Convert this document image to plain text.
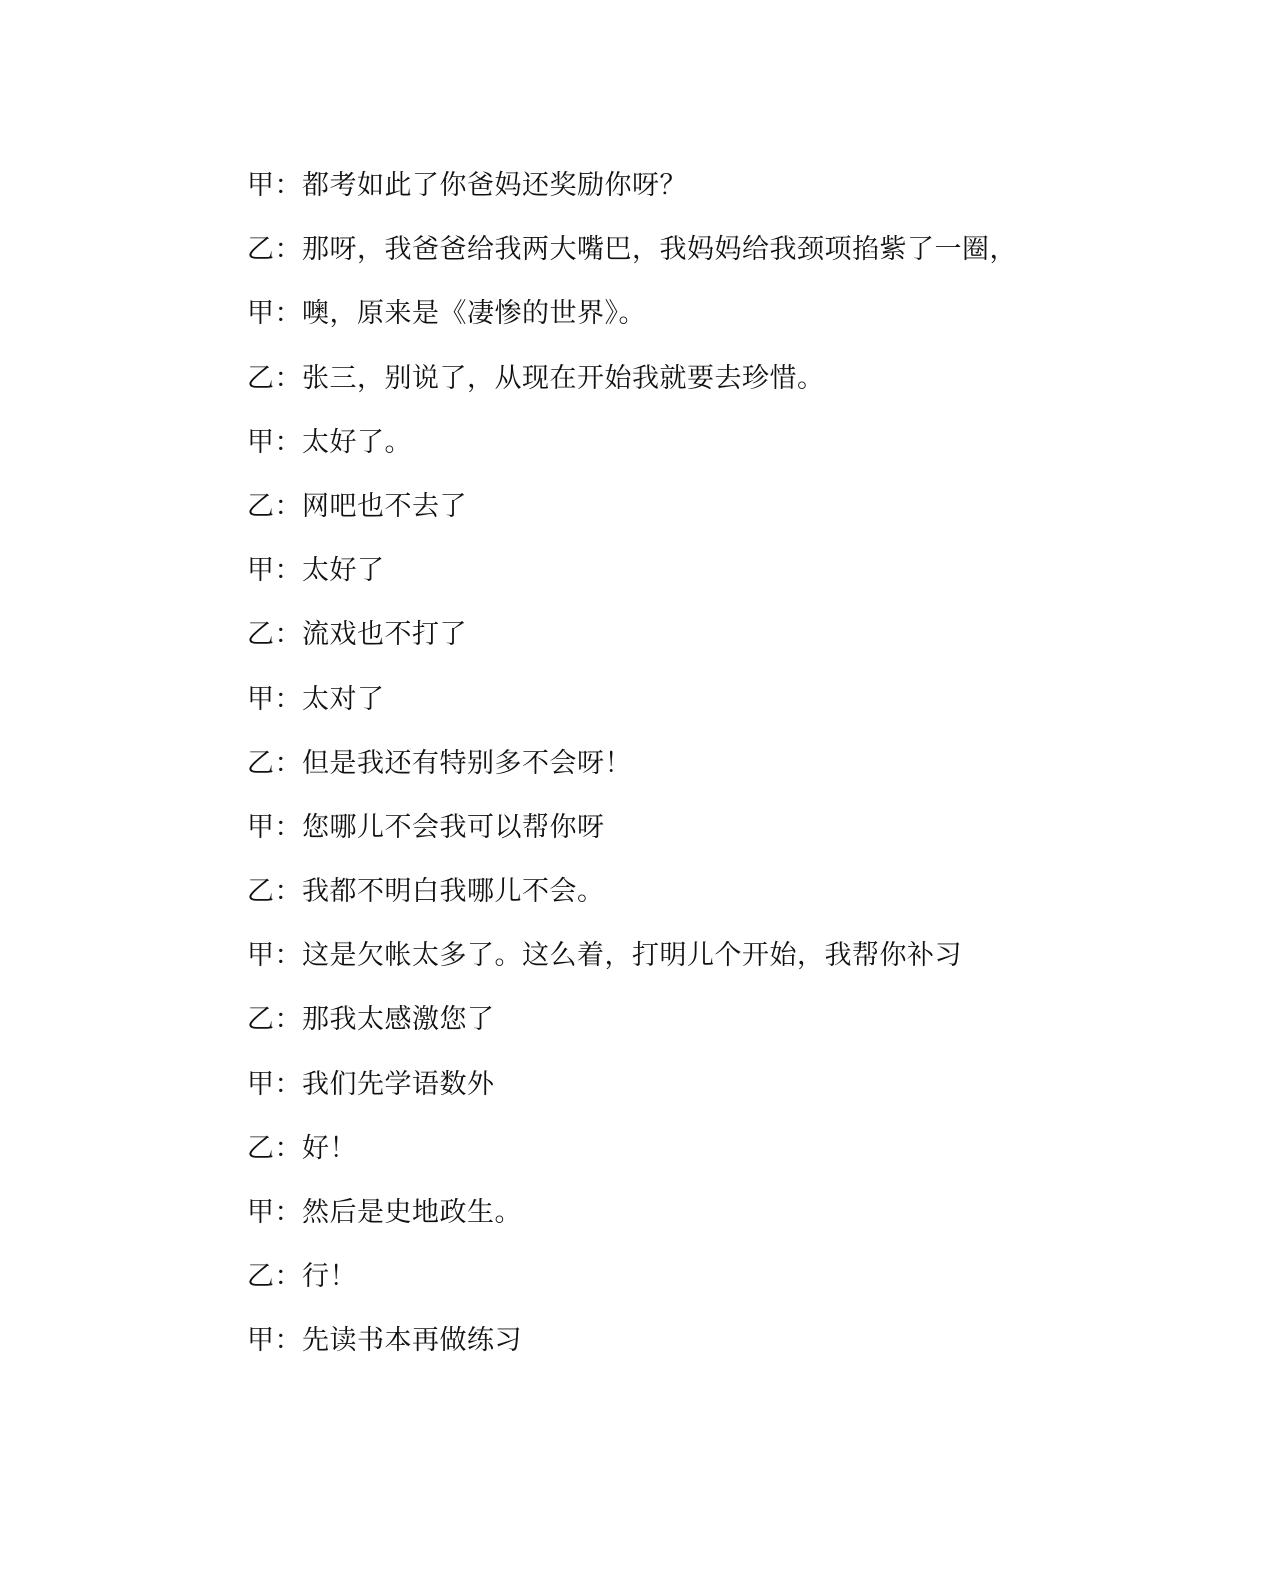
甲：都考如此了你爸妈还奖励你呀？
乙：那呀，我爸爸给我两大嘴巴，我妈妈给我颈项掐紫了一圈，
甲：噢，原来是《凄惨的世界》。
乙：张三，别说了，从现在开始我就要去珍惜。
甲：太好了。
乙：网吧也不去了
甲：太好了
乙：流戏也不打了
甲：太对了
乙：但是我还有特别多不会呀！
甲：您哪儿不会我可以帮你呀
乙：我都不明白我哪儿不会。
甲：这是欠帐太多了。这么着，打明儿个开始，我帮你补习
乙：那我太感激您了
甲：我们先学语数外
乙：好！
甲：然后是史地政生。
乙：行！
甲：先读书本再做练习
